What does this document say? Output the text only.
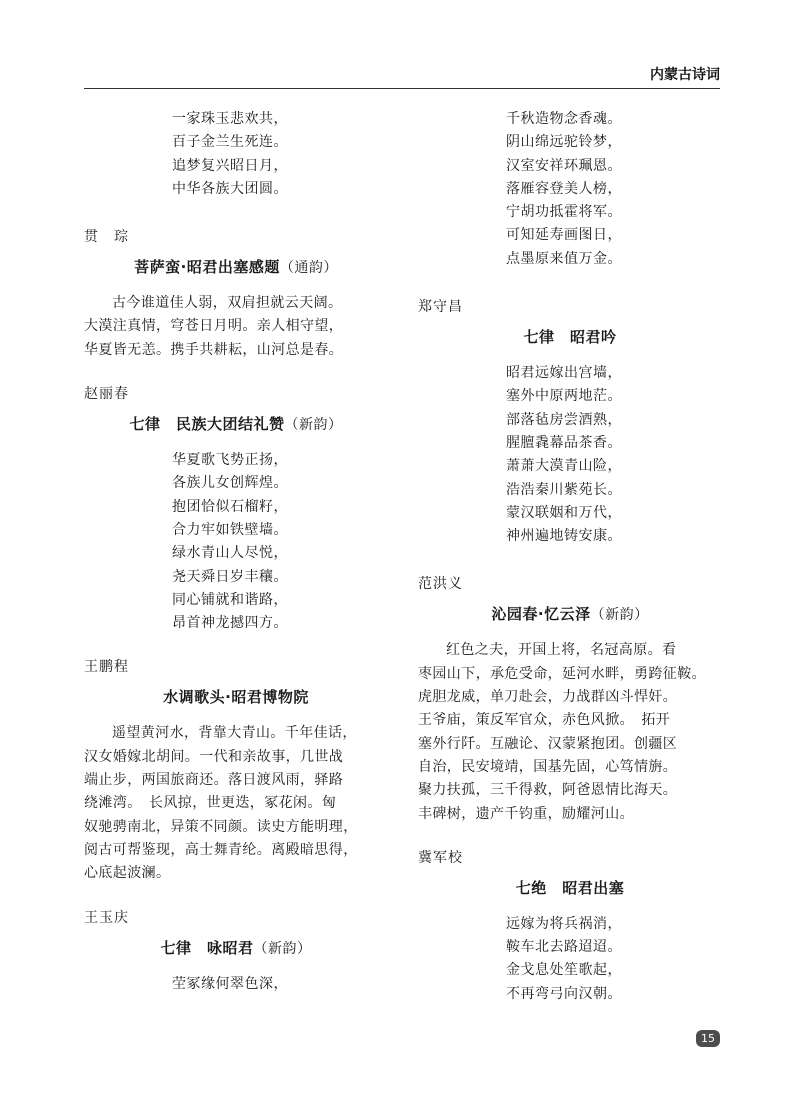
内蒙古诗词
一家珠玉悲欢共，
百子金兰生死连。
追梦复兴昭日月，
中华各族大团圆。
贯　琮
菩萨蛮·昭君出塞感题（通韵）
古今谁道佳人弱，双肩担就云天阔。
大漠注真情，穹苍日月明。亲人相守望，
华夏皆无恙。携手共耕耘，山河总是春。
赵丽春
七律　民族大团结礼赞（新韵）
华夏歌飞势正扬，
各族儿女创辉煌。
抱团恰似石榴籽，
合力牢如铁壁墙。
绿水青山人尽悦，
尧天舜日岁丰穰。
同心铺就和谐路，
昂首神龙撼四方。
王鹏程
水调歌头·昭君博物院
遥望黄河水，背靠大青山。千年佳话，
汉女婚嫁北胡间。一代和亲故事，几世战
端止步，两国旅商还。落日渡风雨，驿路
绕滩湾。　长风掠，世更迭，冢花闲。匈
奴驰骋南北，异策不同颜。读史方能明理，
阅古可帮鉴现，高士舞青纶。离殿暗思得，
心底起波澜。
王玉庆
七律　咏昭君（新韵）
茔冢缘何翠色深，
千秋造物念香魂。
阴山绵远驼铃梦，
汉室安祥环珮恩。
落雁容登美人榜，
宁胡功抵霍将军。
可知延寿画图日，
点墨原来值万金。
郑守昌
七律　昭君吟
昭君远嫁出宫墙，
塞外中原两地茫。
部落毡房尝酒熟，
腥膻毳幕品茶香。
萧萧大漠青山险，
浩浩秦川紫苑长。
蒙汉联姻和万代，
神州遍地铸安康。
范洪义
沁园春·忆云泽（新韵）
红色之夫，开国上将，名冠高原。看
枣园山下，承危受命，延河水畔，勇跨征鞍。
虎胆龙威，单刀赴会，力战群凶斗悍奸。
王爷庙，策反军官众，赤色风掀。　拓开
塞外行阡。互融论、汉蒙紧抱团。创疆区
自治，民安境靖，国基先固，心笃情旃。
聚力扶孤，三千得救，阿爸恩情比海天。
丰碑树，遗产千钧重，励耀河山。
冀军校
七绝　昭君出塞
远嫁为将兵祸消，
鞍车北去路迢迢。
金戈息处笙歌起，
不再弯弓向汉朝。
15
